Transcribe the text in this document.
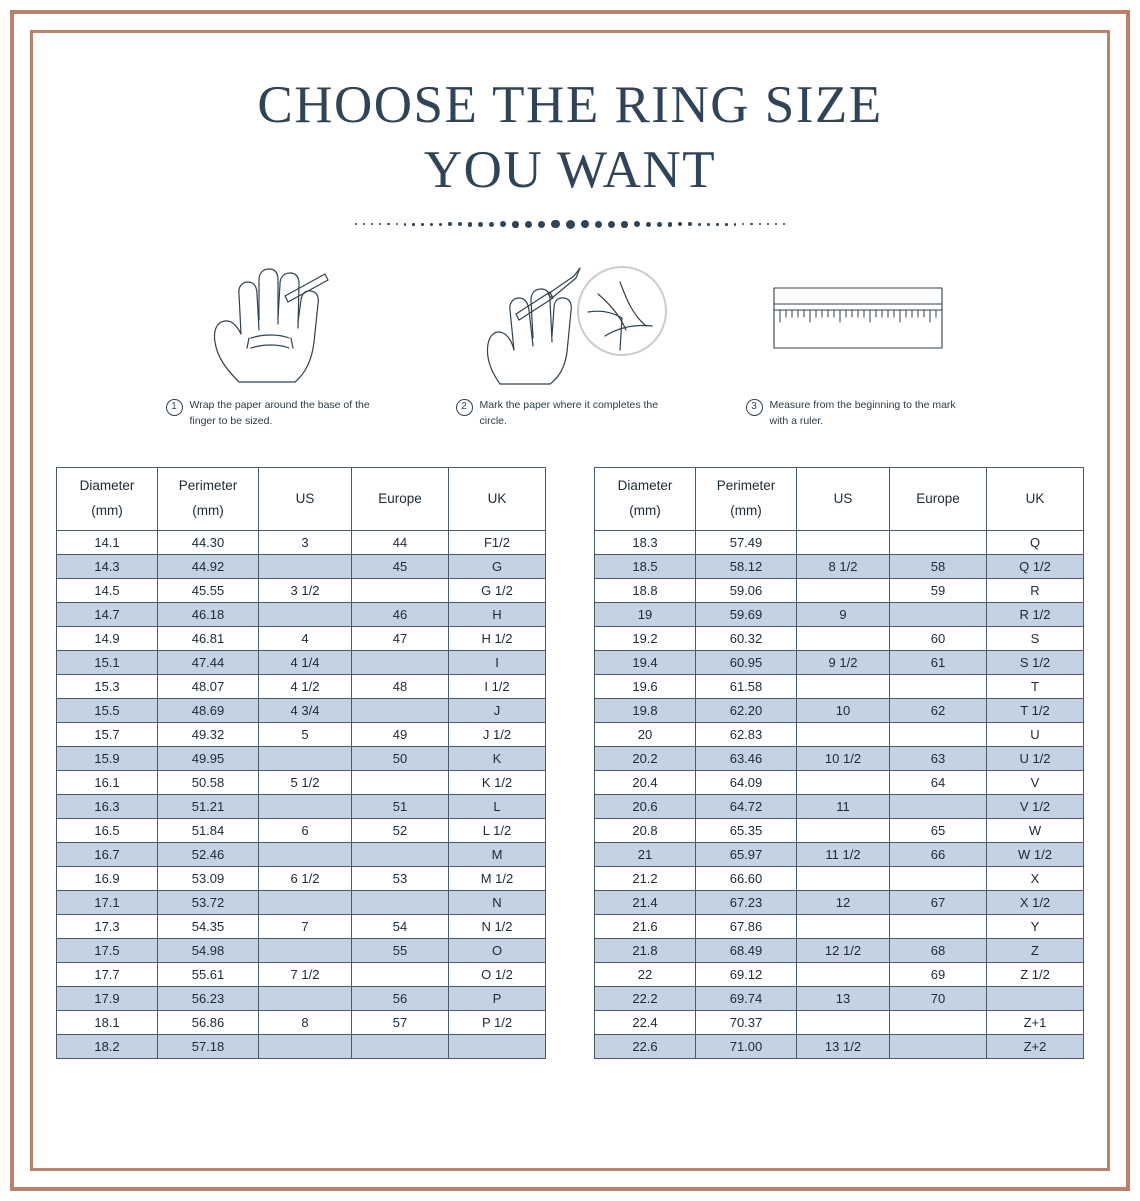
CHOOSE THE RING SIZE
YOU WANT
1	Wrap the paper around the base of the finger to be sized.
2	Mark the paper where it completes the circle.
3	Measure from the beginning to the mark with a ruler.
Diameter
(mm)	Perimeter
(mm)	US	Europe	UK
14.1	44.30	3	44	F1/2
14.3	44.92		45	G
14.5	45.55	3 1/2		G 1/2
14.7	46.18		46	H
14.9	46.81	4	47	H 1/2
15.1	47.44	4 1/4		I
15.3	48.07	4 1/2	48	I 1/2
15.5	48.69	4 3/4		J
15.7	49.32	5	49	J 1/2
15.9	49.95		50	K
16.1	50.58	5 1/2		K 1/2
16.3	51.21		51	L
16.5	51.84	6	52	L 1/2
16.7	52.46			M
16.9	53.09	6 1/2	53	M 1/2
17.1	53.72			N
17.3	54.35	7	54	N 1/2
17.5	54.98		55	O
17.7	55.61	7 1/2		O 1/2
17.9	56.23		56	P
18.1	56.86	8	57	P 1/2
18.2	57.18			
Diameter
(mm)	Perimeter
(mm)	US	Europe	UK
18.3	57.49			Q
18.5	58.12	8 1/2	58	Q 1/2
18.8	59.06		59	R
19	59.69	9		R 1/2
19.2	60.32		60	S
19.4	60.95	9 1/2	61	S 1/2
19.6	61.58			T
19.8	62.20	10	62	T 1/2
20	62.83			U
20.2	63.46	10 1/2	63	U 1/2
20.4	64.09		64	V
20.6	64.72	11		V 1/2
20.8	65.35		65	W
21	65.97	11 1/2	66	W 1/2
21.2	66.60			X
21.4	67.23	12	67	X 1/2
21.6	67.86			Y
21.8	68.49	12 1/2	68	Z
22	69.12		69	Z 1/2
22.2	69.74	13	70	
22.4	70.37			Z+1
22.6	71.00	13 1/2		Z+2
